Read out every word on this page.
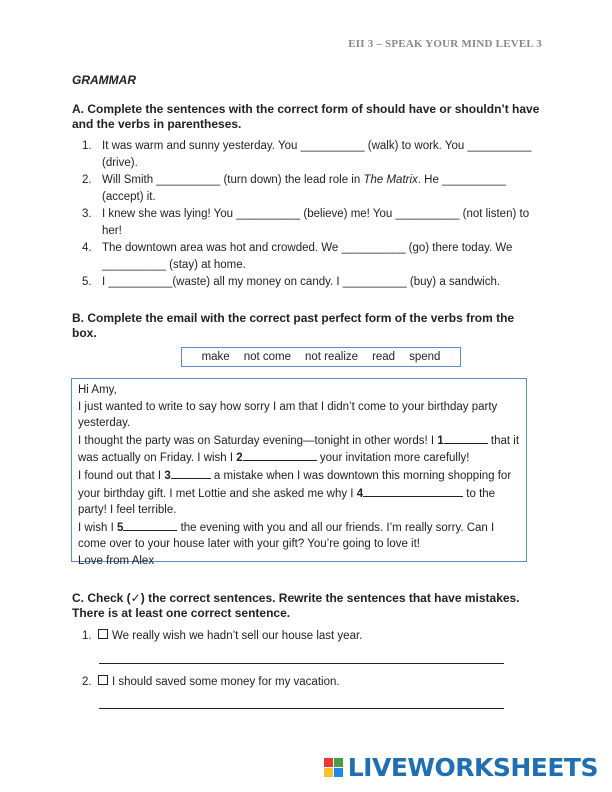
EII 3 – SPEAK YOUR MIND LEVEL 3
GRAMMAR
A. Complete the sentences with the correct form of should have or shouldn’t have and the verbs in parentheses.
1. It was warm and sunny yesterday. You __________ (walk) to work. You __________ (drive).
2. Will Smith __________ (turn down) the lead role in The Matrix. He __________ (accept) it.
3. I knew she was lying! You __________ (believe) me! You __________ (not listen) to her!
4. The downtown area was hot and crowded. We __________ (go) there today. We __________ (stay) at home.
5. I __________(waste) all my money on candy. I __________ (buy) a sandwich.
B. Complete the email with the correct past perfect form of the verbs from the box.
make not come not realize read spend

Hi Amy,

I just wanted to write to say how sorry I am that I didn’t come to your birthday party yesterday.

I thought the party was on Saturday evening—tonight in other words! I 1	that it was actually on Friday. I wish I 2	your invitation more carefully!

I found out that I 3	a mistake when I was downtown this morning shopping for your birthday gift. I met Lottie and she asked me why I 4	to the party! I feel terrible.

I wish I 5	the evening with you and all our friends. I’m really sorry. Can I come over to your house later with your gift? You’re going to love it!

Love from Alex

C. Check (✓) the correct sentences. Rewrite the sentences that have mistakes. There is at least one correct sentence.
1. We really wish we hadn’t sell our house last year.
2. I should saved some money for my vacation.
LIVEWORKSHEETS
